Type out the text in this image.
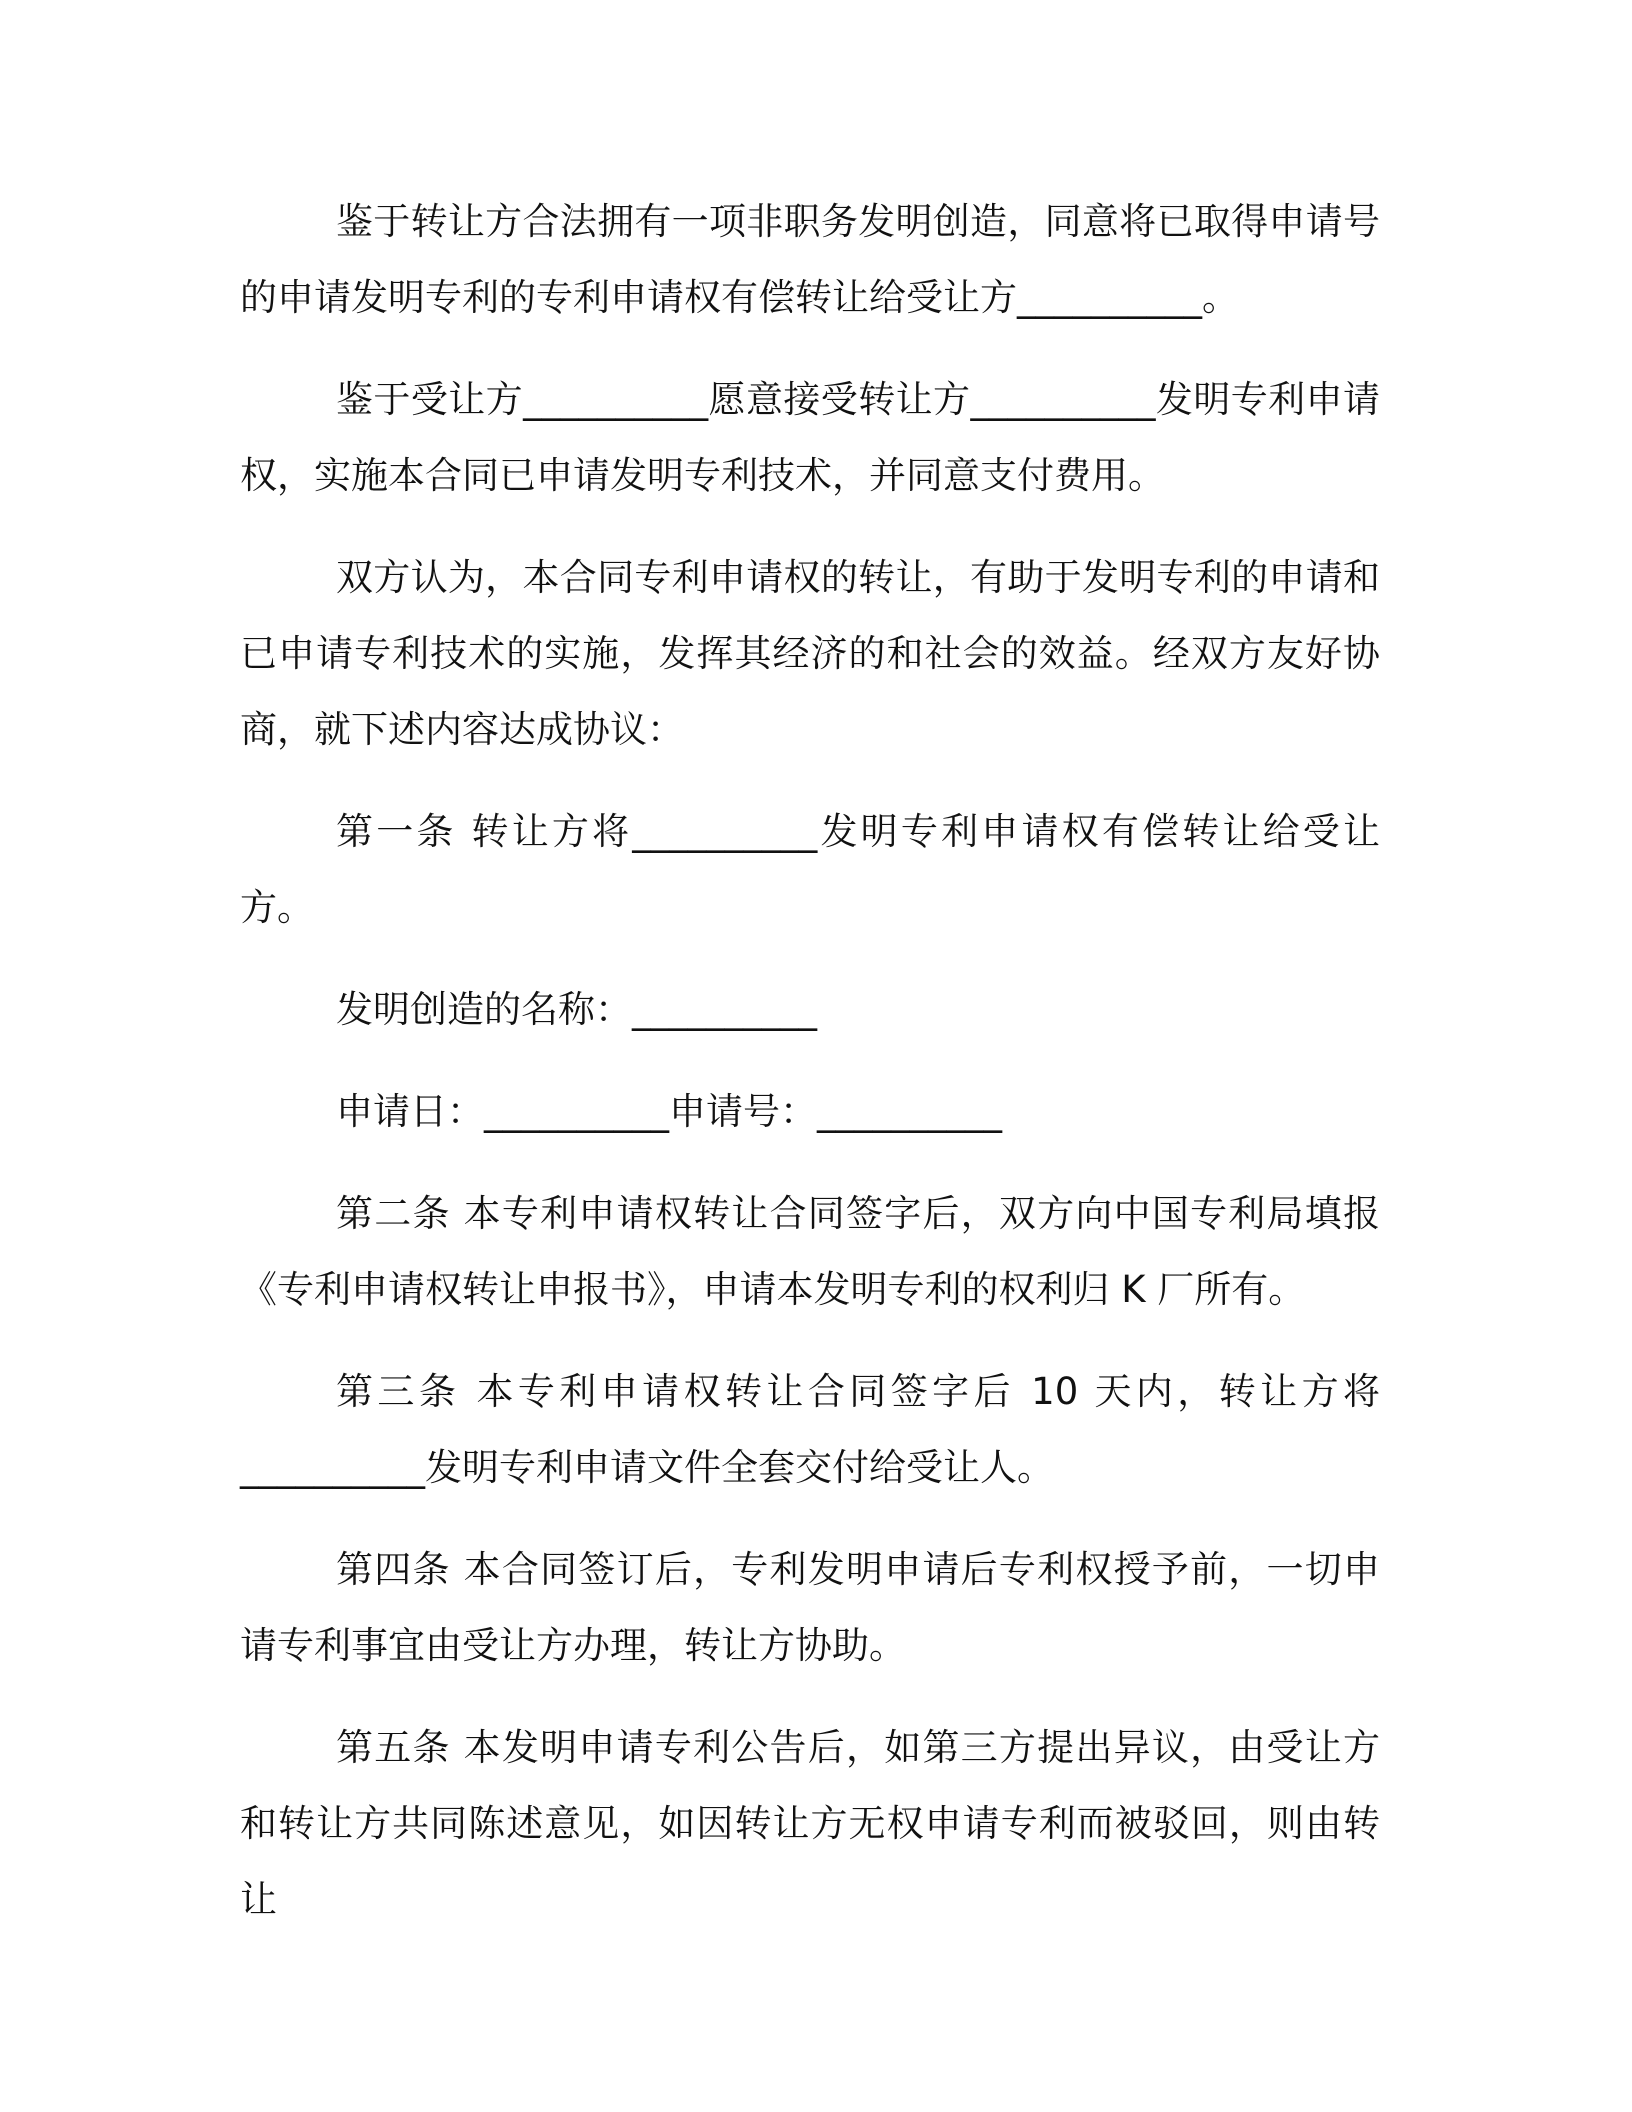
鉴于转让方合法拥有一项非职务发明创造，同意将已取得申请号的申请发明专利的专利申请权有偿转让给受让方__________。

鉴于受让方__________愿意接受转让方__________发明专利申请权，实施本合同已申请发明专利技术，并同意支付费用。

双方认为，本合同专利申请权的转让，有助于发明专利的申请和已申请专利技术的实施，发挥其经济的和社会的效益。经双方友好协商，就下述内容达成协议：

第一条 转让方将__________发明专利申请权有偿转让给受让方。

发明创造的名称：__________

申请日：__________申请号：__________

第二条 本专利申请权转让合同签字后，双方向中国专利局填报《专利申请权转让申报书》，申请本发明专利的权利归 K 厂所有。

第三条 本专利申请权转让合同签字后 10 天内，转让方将__________发明专利申请文件全套交付给受让人。

第四条 本合同签订后，专利发明申请后专利权授予前，一切申请专利事宜由受让方办理，转让方协助。

第五条 本发明申请专利公告后，如第三方提出异议，由受让方和转让方共同陈述意见，如因转让方无权申请专利而被驳回，则由转让
